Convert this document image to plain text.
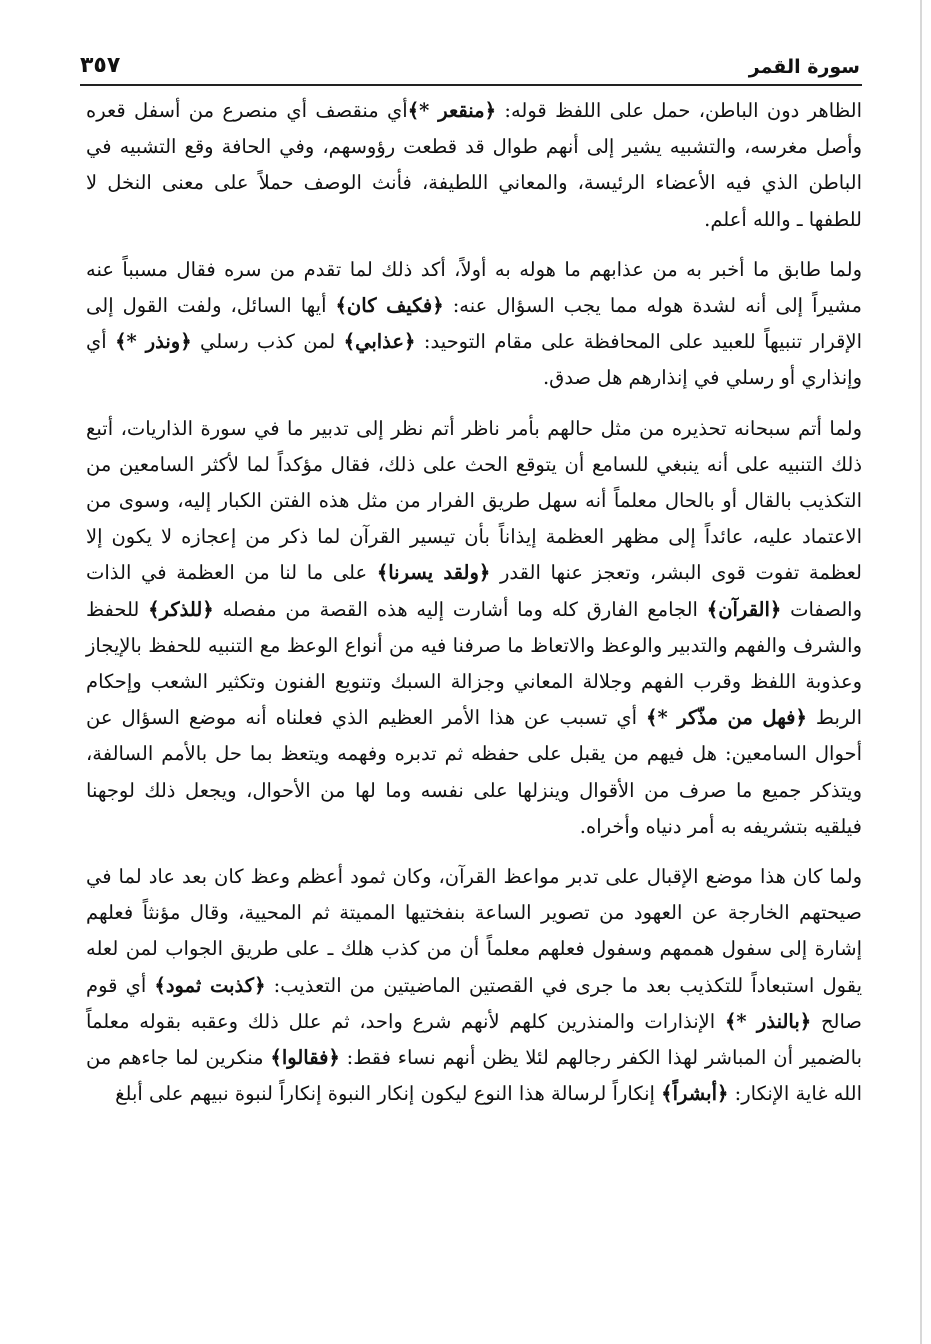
سورة القمر
٣٥٧

الظاهر دون الباطن، حمل على اللفظ قوله: ﴿منقعر *﴾أي منقصف أي منصرع من أسفل قعره وأصل مغرسه، والتشبيه يشير إلى أنهم طوال قد قطعت رؤوسهم، وفي الحافة وقع التشبيه في الباطن الذي فيه الأعضاء الرئيسة، والمعاني اللطيفة، فأنث الوصف حملاً على معنى النخل لا للطفها ـ والله أعلم.

ولما طابق ما أخبر به من عذابهم ما هوله به أولاً، أكد ذلك لما تقدم من سره فقال مسبباً عنه مشيراً إلى أنه لشدة هوله مما يجب السؤال عنه: ﴿فكيف كان﴾ أيها السائل، ولفت القول إلى الإقرار تنبيهاً للعبيد على المحافظة على مقام التوحيد: ﴿عذابي﴾ لمن كذب رسلي ﴿ونذر *﴾ أي وإنذاري أو رسلي في إنذارهم هل صدق.

ولما أتم سبحانه تحذيره من مثل حالهم بأمر ناظر أتم نظر إلى تدبير ما في سورة الذاريات، أتبع ذلك التنبيه على أنه ينبغي للسامع أن يتوقع الحث على ذلك، فقال مؤكداً لما لأكثر السامعين من التكذيب بالقال أو بالحال معلماً أنه سهل طريق الفرار من مثل هذه الفتن الكبار إليه، وسوى من الاعتماد عليه، عائداً إلى مظهر العظمة إيذاناً بأن تيسير القرآن لما ذكر من إعجازه لا يكون إلا لعظمة تفوت قوى البشر، وتعجز عنها القدر ﴿ولقد يسرنا﴾ على ما لنا من العظمة في الذات والصفات ﴿القرآن﴾ الجامع الفارق كله وما أشارت إليه هذه القصة من مفصله ﴿للذكر﴾ للحفظ والشرف والفهم والتدبير والوعظ والاتعاظ ما صرفنا فيه من أنواع الوعظ مع التنبيه للحفظ بالإيجاز وعذوبة اللفظ وقرب الفهم وجلالة المعاني وجزالة السبك وتنويع الفنون وتكثير الشعب وإحكام الربط ﴿فهل من مذّكر *﴾ أي تسبب عن هذا الأمر العظيم الذي فعلناه أنه موضع السؤال عن أحوال السامعين: هل فيهم من يقبل على حفظه ثم تدبره وفهمه ويتعظ بما حل بالأمم السالفة، ويتذكر جميع ما صرف من الأقوال وينزلها على نفسه وما لها من الأحوال، ويجعل ذلك لوجهنا فيلقيه بتشريفه به أمر دنياه وأخراه.

ولما كان هذا موضع الإقبال على تدبر مواعظ القرآن، وكان ثمود أعظم وعظ كان بعد عاد لما في صيحتهم الخارجة عن العهود من تصوير الساعة بنفختيها المميتة ثم المحيية، وقال مؤنثاً فعلهم إشارة إلى سفول هممهم وسفول فعلهم معلماً أن من كذب هلك ـ على طريق الجواب لمن لعله يقول استبعاداً للتكذيب بعد ما جرى في القصتين الماضيتين من التعذيب: ﴿كذبت ثمود﴾ أي قوم صالح ﴿بالنذر *﴾ الإنذارات والمنذرين كلهم لأنهم شرع واحد، ثم علل ذلك وعقبه بقوله معلماً بالضمير أن المباشر لهذا الكفر رجالهم لئلا يظن أنهم نساء فقط: ﴿فقالوا﴾ منكرين لما جاءهم من الله غاية الإنكار: ﴿أبشراً﴾ إنكاراً لرسالة هذا النوع ليكون إنكار النبوة إنكاراً لنبوة نبيهم على أبلغ
